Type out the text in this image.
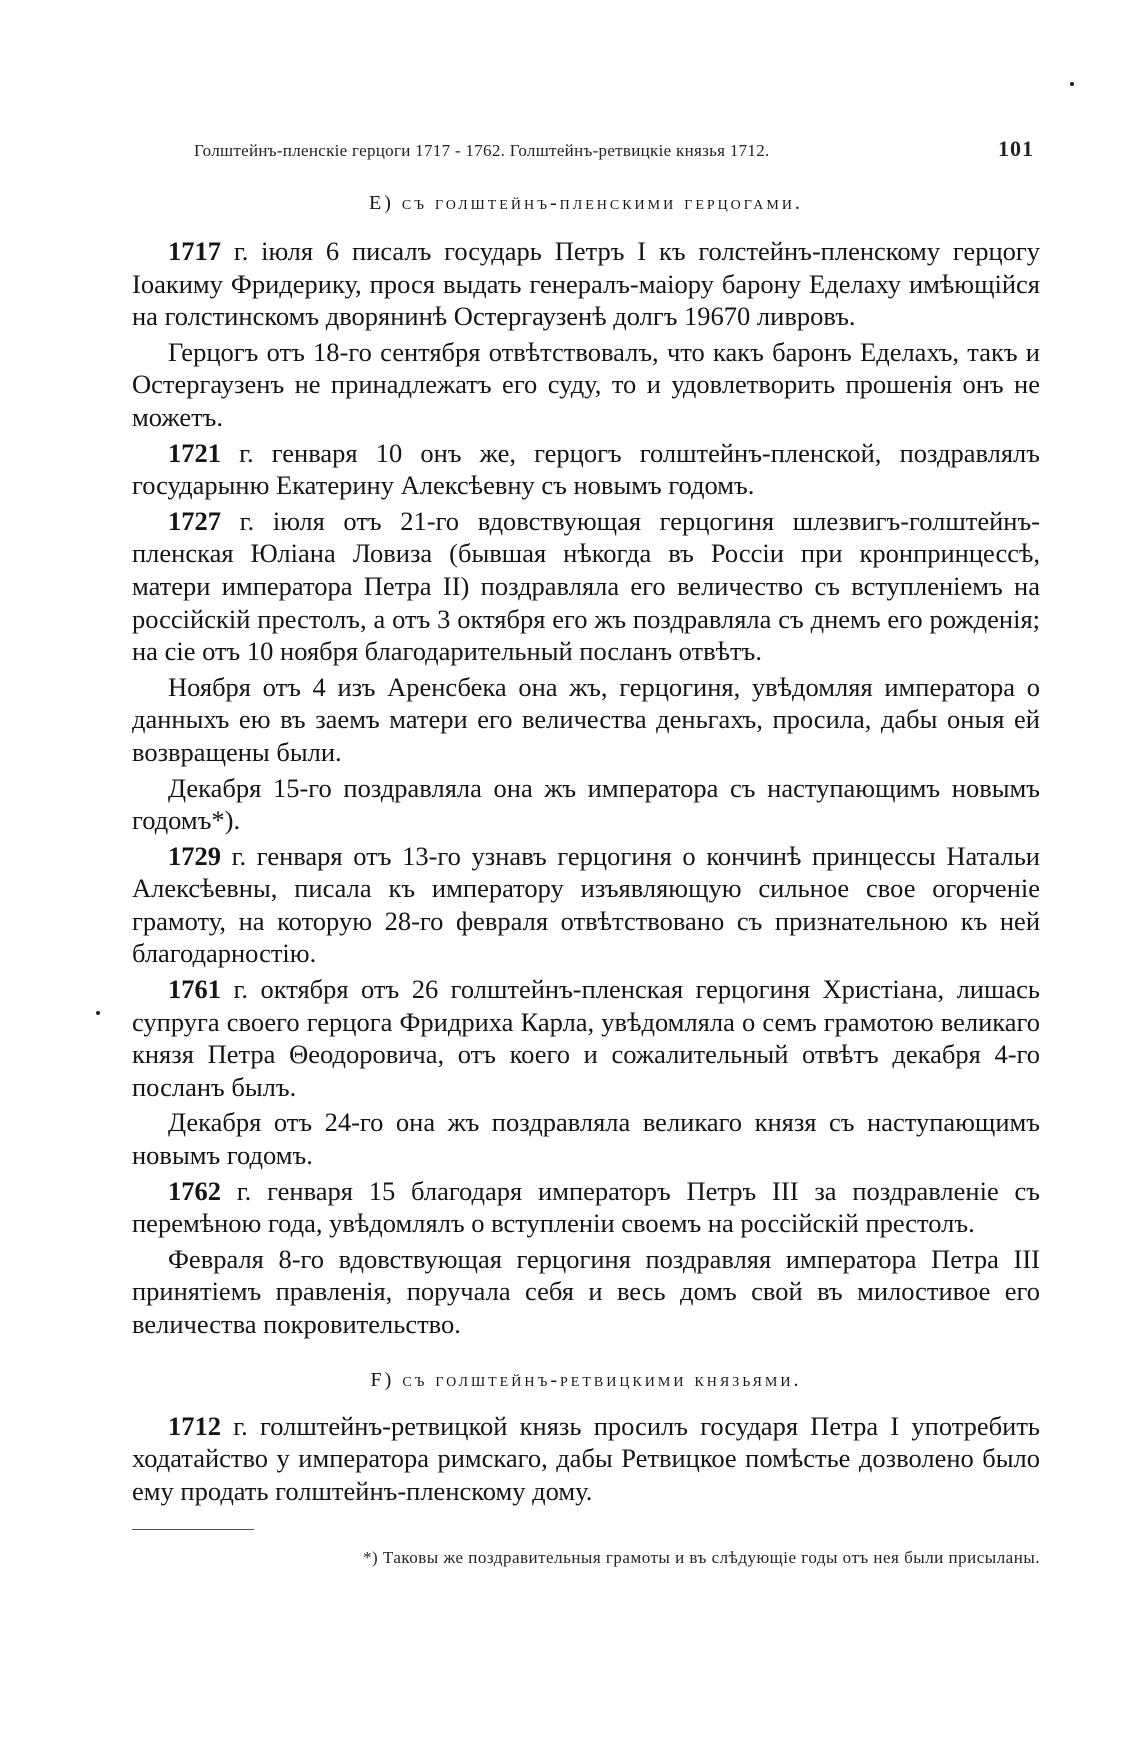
Голштейнъ-пленскіе герцоги 1717 - 1762. Голштейнъ-ретвицкіе князья 1712.	101
E) съ голштейнъ-пленскими герцогами.

1717 г. іюля 6 писалъ государь Петръ I къ голстейнъ-пленскому герцогу Іоакиму Фридерику, прося выдать генералъ-маіору барону Еделаху имѣющійся на голстинскомъ дворянинѣ Остергаузенѣ долгъ 19670 ливровъ.

Герцогъ отъ 18-го сентября отвѣтствовалъ, что какъ баронъ Еделахъ, такъ и Остергаузенъ не принадлежатъ его суду, то и удовлетворить прошенія онъ не можетъ.

1721 г. генваря 10 онъ же, герцогъ голштейнъ-пленской, поздравлялъ государыню Екатерину Алексѣевну съ новымъ годомъ.

1727 г. іюля отъ 21-го вдовствующая герцогиня шлезвигъ-голштейнъ-пленская Юліана Ловиза (бывшая нѣкогда въ Россіи при кронпринцессѣ, матери императора Петра II) поздравляла его величество съ вступленіемъ на россійскій престолъ, а отъ 3 октября его жъ поздравляла съ днемъ его рожденія; на сіе отъ 10 ноября благодарительный посланъ отвѣтъ.

Ноября отъ 4 изъ Аренсбека она жъ, герцогиня, увѣдомляя императора о данныхъ ею въ заемъ матери его величества деньгахъ, просила, дабы оныя ей возвращены были.

Декабря 15-го поздравляла она жъ императора съ наступающимъ новымъ годомъ*).

1729 г. генваря отъ 13-го узнавъ герцогиня о кончинѣ принцессы Натальи Алексѣевны, писала къ императору изъявляющую сильное свое огорченіе грамоту, на которую 28-го февраля отвѣтствовано съ признательною къ ней благодарностію.

1761 г. октября отъ 26 голштейнъ-пленская герцогиня Христіана, лишась супруга своего герцога Фридриха Карла, увѣдомляла о семъ грамотою великаго князя Петра Θеодоровича, отъ коего и сожалительный отвѣтъ декабря 4-го посланъ былъ.

Декабря отъ 24-го она жъ поздравляла великаго князя съ наступающимъ новымъ годомъ.

1762 г. генваря 15 благодаря императоръ Петръ III за поздравленіе съ перемѣною года, увѣдомлялъ о вступленіи своемъ на россійскій престолъ.

Февраля 8-го вдовствующая герцогиня поздравляя императора Петра III принятіемъ правленія, поручала себя и весь домъ свой въ милостивое его величества покровительство.

F) съ голштейнъ-ретвицкими князьями.

1712 г. голштейнъ-ретвицкой князь просилъ государя Петра I употребить ходатайство у императора римскаго, дабы Ретвицкое помѣстье дозволено было ему продать голштейнъ-пленскому дому.

*) Таковы же поздравительныя грамоты и въ слѣдующіе годы отъ нея были присыланы.
